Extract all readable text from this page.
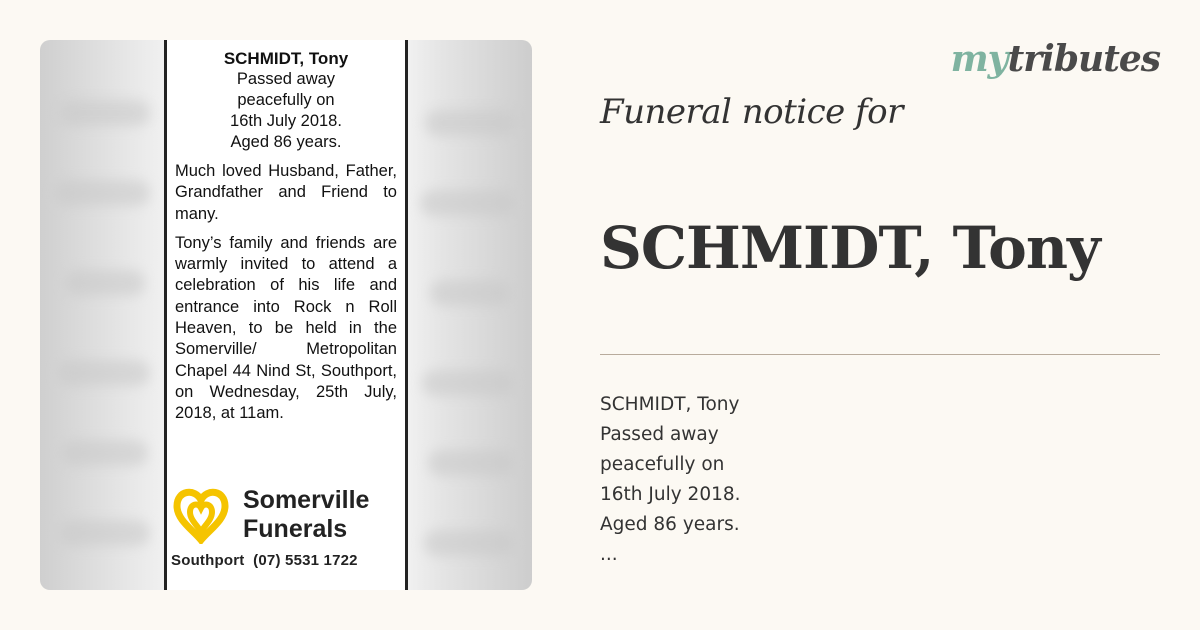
SCHMIDT, Tony
Passed away
peacefully on
16th July 2018.
Aged 86 years.
Much loved Husband, Father, Grandfather and Friend to many.
Tony’s family and friends are warmly invited to attend a celebration of his life and entrance into Rock n Roll Heaven, to be held in the Somerville/ Metropolitan Chapel 44 Nind St, Southport, on Wednesday, 25th July, 2018, at 11am.
Somerville
Funerals
Southport  (07) 5531 1722
mytributes
Funeral notice for
SCHMIDT, Tony
SCHMIDT, Tony
Passed away
peacefully on
16th July 2018.
Aged 86 years.
...
